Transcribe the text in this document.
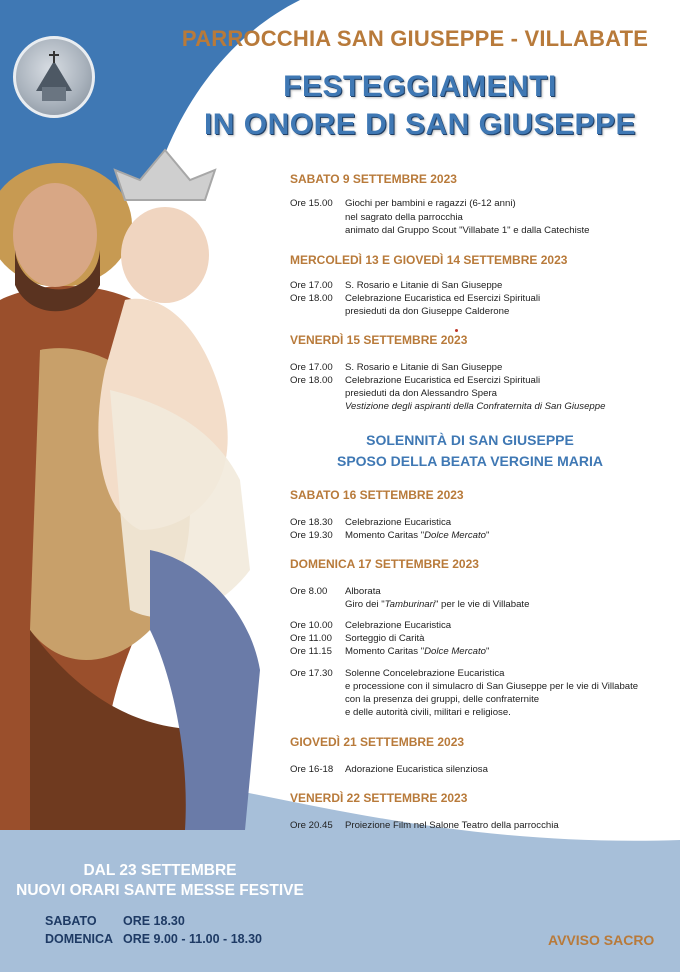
PARROCCHIA SAN GIUSEPPE - VILLABATE
FESTEGGIAMENTI
IN ONORE DI SAN GIUSEPPE
SABATO 9 SETTEMBRE 2023
Ore 15.00 Giochi per bambini e ragazzi (6-12 anni)
nel sagrato della parrocchia
animato dal Gruppo Scout "Villabate 1" e dalla Catechiste
MERCOLEDÌ 13 E GIOVEDÌ 14 SETTEMBRE 2023
Ore 17.00 S. Rosario e Litanie di San Giuseppe
Ore 18.00 Celebrazione Eucaristica ed Esercizi Spirituali
presieduti da don Giuseppe Calderone
VENERDÌ 15 SETTEMBRE 2023
Ore 17.00 S. Rosario e Litanie di San Giuseppe
Ore 18.00 Celebrazione Eucaristica ed Esercizi Spirituali
presieduti da don Alessandro Spera
Vestizione degli aspiranti della Confraternita di San Giuseppe
SOLENNITÀ DI SAN GIUSEPPE
SPOSO DELLA BEATA VERGINE MARIA
SABATO 16 SETTEMBRE 2023
Ore 18.30 Celebrazione Eucaristica
Ore 19.30 Momento Caritas "Dolce Mercato"
DOMENICA 17 SETTEMBRE 2023
Ore 8.00 Alborata
Giro dei "Tamburinari" per le vie di Villabate
Ore 10.00 Celebrazione Eucaristica
Ore 11.00 Sorteggio di Carità
Ore 11.15 Momento Caritas "Dolce Mercato"
Ore 17.30 Solenne Concelebrazione Eucaristica
e processione con il simulacro di San Giuseppe per le vie di Villabate
con la presenza dei gruppi, delle confraternite
e delle autorità civili, militari e religiose.
GIOVEDÌ 21 SETTEMBRE 2023
Ore 16-18 Adorazione Eucaristica silenziosa
VENERDÌ 22 SETTEMBRE 2023
Ore 20.45 Proiezione Film nel Salone Teatro della parrocchia
DAL 23 SETTEMBRE
NUOVI ORARI SANTE MESSE FESTIVE
SABATO ORE 18.30
DOMENICA ORE 9.00 - 11.00 - 18.30	AVVISO SACRO
